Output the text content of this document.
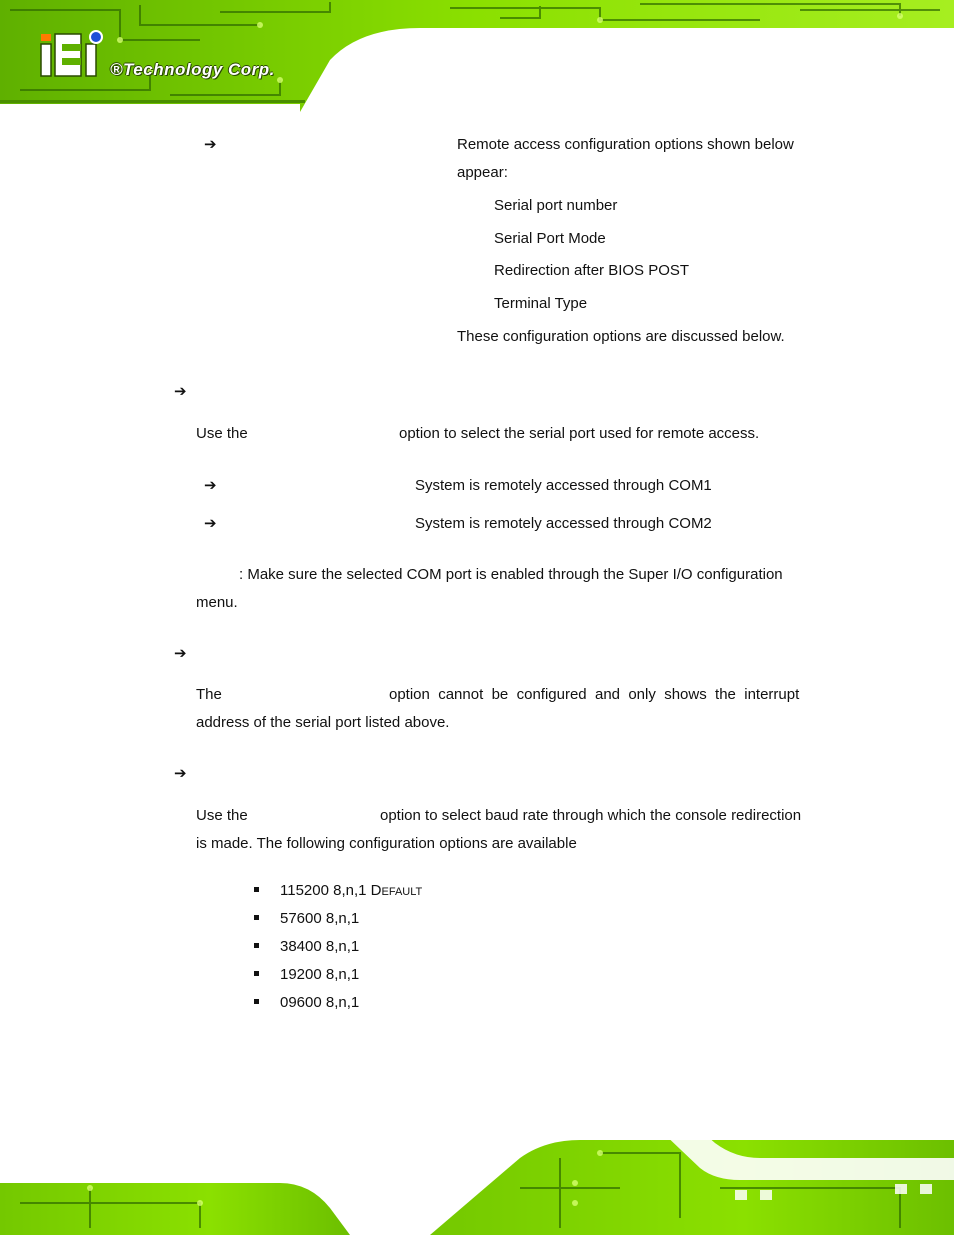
®Technology Corp.
➔	Remote access configuration options shown below
appear:
Serial port number
Serial Port Mode
Redirection after BIOS POST
Terminal Type
These configuration options are discussed below.
➔
Use the	option to select the serial port used for remote access.
➔	System is remotely accessed through COM1
➔	System is remotely accessed through COM2
: Make sure the selected COM port is enabled through the Super I/O configuration
menu.
➔
The	option  cannot  be  configured  and  only  shows  the  interrupt
address of the serial port listed above.
➔
Use the	option to select baud rate through which the console redirection
is made. The following configuration options are available
115200 8,n,1 Default
57600 8,n,1
38400 8,n,1
19200 8,n,1
09600 8,n,1
